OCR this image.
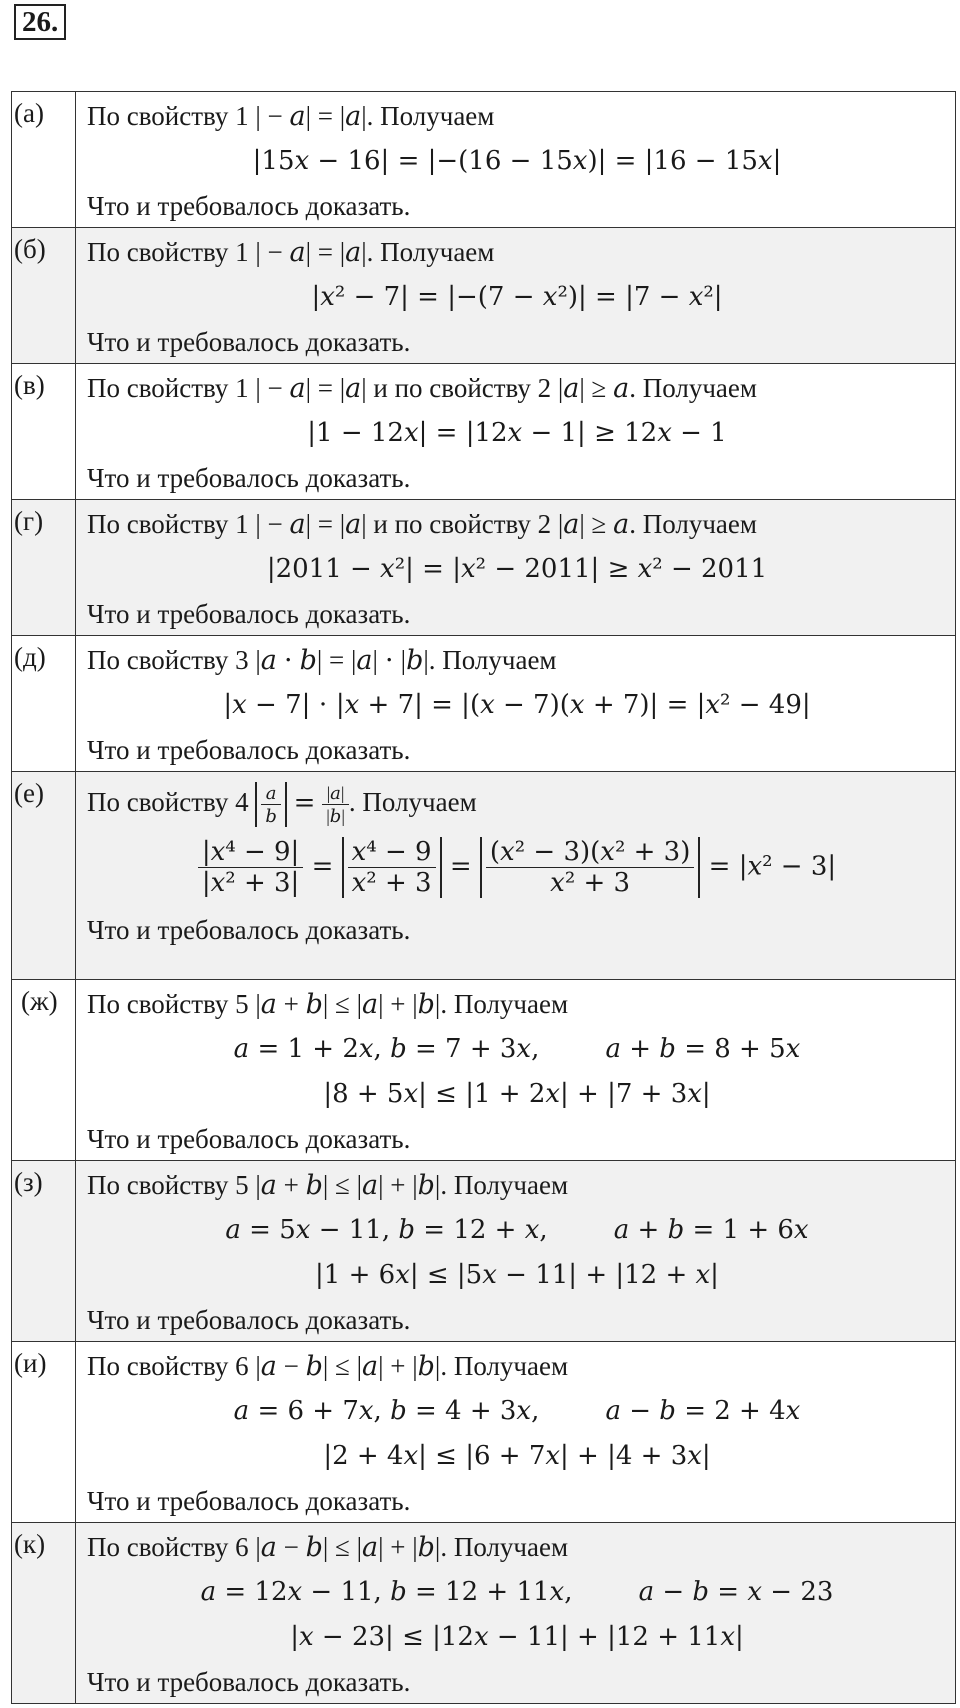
26.
(а)	По свойству 1 | − 𝑎| = |𝑎|. Получаем
|15𝑥 − 16| = |−(16 − 15𝑥)| = |16 − 15𝑥|
Что и требовалось доказать.
(б)	По свойству 1 | − 𝑎| = |𝑎|. Получаем
|𝑥² − 7| = |−(7 − 𝑥²)| = |7 − 𝑥²|
Что и требовалось доказать.
(в)	По свойству 1 | − 𝑎| = |𝑎| и по свойству 2 |𝑎| ≥ 𝑎. Получаем
|1 − 12𝑥| = |12𝑥 − 1| ≥ 12𝑥 − 1
Что и требовалось доказать.
(г)	По свойству 1 | − 𝑎| = |𝑎| и по свойству 2 |𝑎| ≥ 𝑎. Получаем
|2011 − 𝑥²| = |𝑥² − 2011| ≥ 𝑥² − 2011
Что и требовалось доказать.
(д)	По свойству 3 |𝑎 ⋅ 𝑏| = |𝑎| ⋅ |𝑏|. Получаем
|𝑥 − 7| ⋅ |𝑥 + 7| = |(𝑥 − 7)(𝑥 + 7)| = |𝑥² − 49|
Что и требовалось доказать.
(е)	По свойству $4 \frac{\text{𝑎}}{\text{𝑏}} = \frac{\text{|𝑎|}}{\text{|𝑏|}}$ . Получаем
$\frac{\text{|𝑥⁴ − 9|}}{\text{|𝑥² + 3|}} = \frac{\text{𝑥⁴ − 9}}{\text{𝑥² + 3}} = \frac{\text{(𝑥² − 3)(𝑥² + 3)}}{\text{𝑥² + 3}}$ = |𝑥² − 3|
Что и требовалось доказать.
(ж)	По свойству 5 |𝑎 + 𝑏| ≤ |𝑎| + |𝑏|. Получаем
𝑎 = 1 + 2𝑥, 𝑏 = 7 + 3𝑥,        𝑎 + 𝑏 = 8 + 5𝑥
|8 + 5𝑥| ≤ |1 + 2𝑥| + |7 + 3𝑥|
Что и требовалось доказать.
(з)	По свойству 5 |𝑎 + 𝑏| ≤ |𝑎| + |𝑏|. Получаем
𝑎 = 5𝑥 − 11, 𝑏 = 12 + 𝑥,        𝑎 + 𝑏 = 1 + 6𝑥
|1 + 6𝑥| ≤ |5𝑥 − 11| + |12 + 𝑥|
Что и требовалось доказать.
(и)	По свойству 6 |𝑎 − 𝑏| ≤ |𝑎| + |𝑏|. Получаем
𝑎 = 6 + 7𝑥, 𝑏 = 4 + 3𝑥,        𝑎 − 𝑏 = 2 + 4𝑥
|2 + 4𝑥| ≤ |6 + 7𝑥| + |4 + 3𝑥|
Что и требовалось доказать.
(к)	По свойству 6 |𝑎 − 𝑏| ≤ |𝑎| + |𝑏|. Получаем
𝑎 = 12𝑥 − 11, 𝑏 = 12 + 11𝑥,        𝑎 − 𝑏 = 𝑥 − 23
|𝑥 − 23| ≤ |12𝑥 − 11| + |12 + 11𝑥|
Что и требовалось доказать.
